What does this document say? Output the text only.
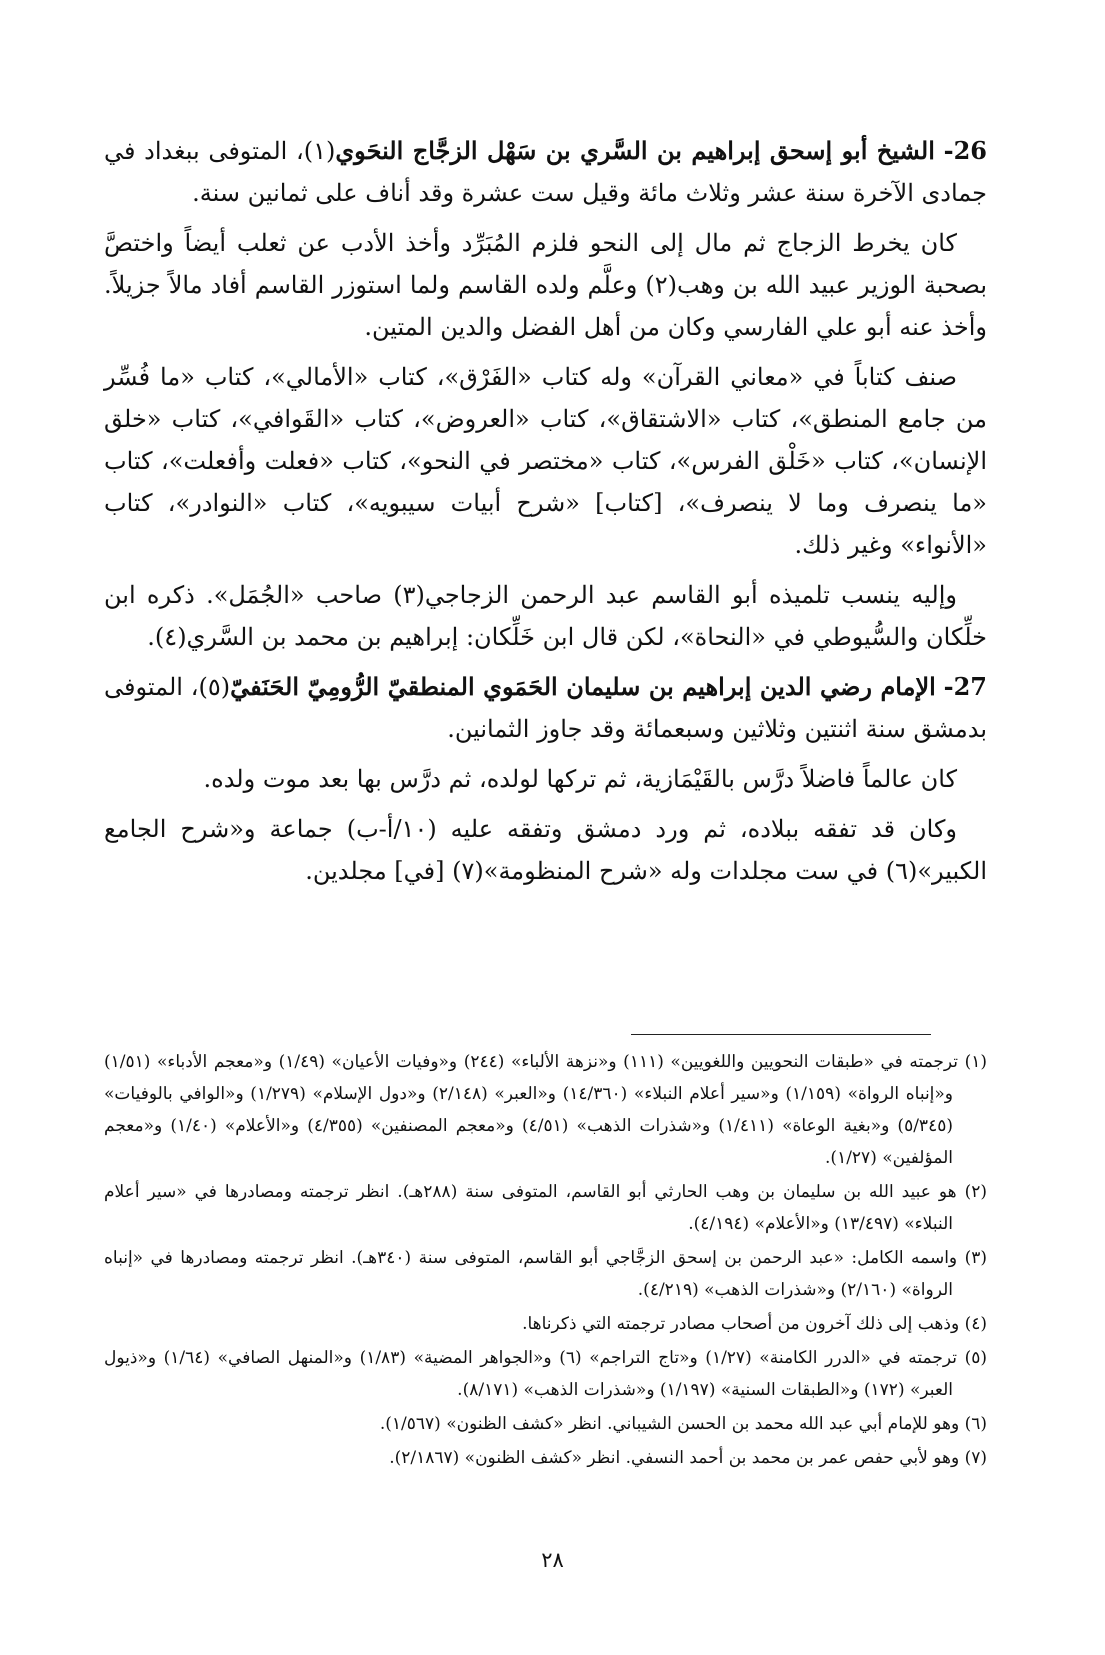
26- الشيخ أبو إسحق إبراهيم بن السَّري بن سَهْل الزجَّاج النحَوي(١)، المتوفى ببغداد في جمادى الآخرة سنة عشر وثلاث مائة وقيل ست عشرة وقد أناف على ثمانين سنة.

كان يخرط الزجاج ثم مال إلى النحو فلزم المُبَرِّد وأخذ الأدب عن ثعلب أيضاً واختصَّ بصحبة الوزير عبيد الله بن وهب(٢) وعلَّم ولده القاسم ولما استوزر القاسم أفاد مالاً جزيلاً. وأخذ عنه أبو علي الفارسي وكان من أهل الفضل والدين المتين.

صنف كتاباً في «معاني القرآن» وله كتاب «الفَرْق»، كتاب «الأمالي»، كتاب «ما فُسِّر من جامع المنطق»، كتاب «الاشتقاق»، كتاب «العروض»، كتاب «القَوافي»، كتاب «خلق الإنسان»، كتاب «خَلْق الفرس»، كتاب «مختصر في النحو»، كتاب «فعلت وأفعلت»، كتاب «ما ينصرف وما لا ينصرف»، [كتاب] «شرح أبيات سيبويه»، كتاب «النوادر»، كتاب «الأنواء» وغير ذلك.

وإليه ينسب تلميذه أبو القاسم عبد الرحمن الزجاجي(٣) صاحب «الجُمَل». ذكره ابن خلِّكان والسُّيوطي في «النحاة»، لكن قال ابن خَلِّكان: إبراهيم بن محمد بن السَّري(٤).

27- الإمام رضي الدين إبراهيم بن سليمان الحَمَوي المنطقيّ الرُّومِيّ الحَنَفيّ(٥)، المتوفى بدمشق سنة اثنتين وثلاثين وسبعمائة وقد جاوز الثمانين.

كان عالماً فاضلاً درَّس بالقَيْمَازية، ثم تركها لولده، ثم درَّس بها بعد موت ولده.

وكان قد تفقه ببلاده، ثم ورد دمشق وتفقه عليه (١٠/أ-ب) جماعة و«شرح الجامع الكبير»(٦) في ست مجلدات وله «شرح المنظومة»(٧) [في] مجلدين.

(١) ترجمته في «طبقات النحويين واللغويين» (١١١) و«نزهة الألباء» (٢٤٤) و«وفيات الأعيان» (١/٤٩) و«معجم الأدباء» (١/٥١) و«إنباه الرواة» (١/١٥٩) و«سير أعلام النبلاء» (١٤/٣٦٠) و«العبر» (٢/١٤٨) و«دول الإسلام» (١/٢٧٩) و«الوافي بالوفيات» (٥/٣٤٥) و«بغية الوعاة» (١/٤١١) و«شذرات الذهب» (٤/٥١) و«معجم المصنفين» (٤/٣٥٥) و«الأعلام» (١/٤٠) و«معجم المؤلفين» (١/٢٧).

(٢) هو عبيد الله بن سليمان بن وهب الحارثي أبو القاسم، المتوفى سنة (٢٨٨هـ). انظر ترجمته ومصادرها في «سير أعلام النبلاء» (١٣/٤٩٧) و«الأعلام» (٤/١٩٤).

(٣) واسمه الكامل: «عبد الرحمن بن إسحق الزجَّاجي أبو القاسم، المتوفى سنة (٣٤٠هـ). انظر ترجمته ومصادرها في «إنباه الرواة» (٢/١٦٠) و«شذرات الذهب» (٤/٢١٩).

(٤) وذهب إلى ذلك آخرون من أصحاب مصادر ترجمته التي ذكرناها.

(٥) ترجمته في «الدرر الكامنة» (١/٢٧) و«تاج التراجم» (٦) و«الجواهر المضية» (١/٨٣) و«المنهل الصافي» (١/٦٤) و«ذيول العبر» (١٧٢) و«الطبقات السنية» (١/١٩٧) و«شذرات الذهب» (٨/١٧١).

(٦) وهو للإمام أبي عبد الله محمد بن الحسن الشيباني. انظر «كشف الظنون» (١/٥٦٧).

(٧) وهو لأبي حفص عمر بن محمد بن أحمد النسفي. انظر «كشف الظنون» (٢/١٨٦٧).

٢٨
